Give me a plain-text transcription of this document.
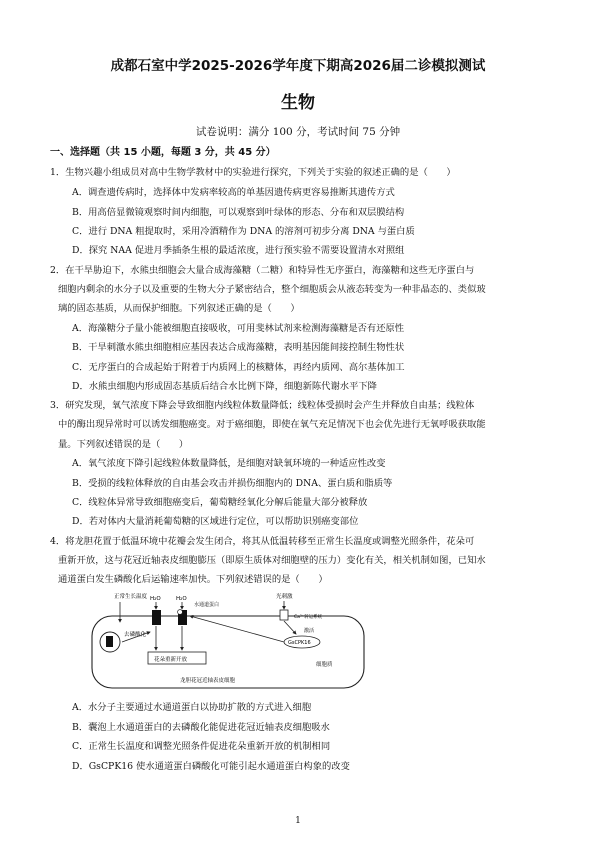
成都石室中学2025-2026学年度下期高2026届二诊模拟测试
生物
试卷说明：满分 100 分，考试时间 75 分钟
一、选择题（共 15 小题，每题 3 分，共 45 分）
1．生物兴趣小组成员对高中生物学教材中的实验进行探究，下列关于实验的叙述正确的是（　　）
A．调查遗传病时，选择体中发病率较高的单基因遗传病更容易推断其遗传方式
B．用高倍显微镜观察时间内细胞，可以观察到叶绿体的形态、分布和双层膜结构
C．进行 DNA 粗提取时，采用冷酒精作为 DNA 的溶剂可初步分离 DNA 与蛋白质
D．探究 NAA 促进月季插条生根的最适浓度，进行预实验不需要设置清水对照组
2．在干旱胁迫下，水熊虫细胞会大量合成海藻糖（二糖）和特异性无序蛋白，海藻糖和这些无序蛋白与
细胞内剩余的水分子以及重要的生物大分子紧密结合，整个细胞质会从液态转变为一种非晶态的、类似玻
璃的固态基质，从而保护细胞。下列叙述正确的是（　　）
A．海藻糖分子量小能被细胞直接吸收，可用斐林试剂来检测海藻糖是否有还原性
B．干旱刺激水熊虫细胞相应基因表达合成海藻糖，表明基因能间接控制生物性状
C．无序蛋白的合成起始于附着于内质网上的核糖体，再经内质网、高尔基体加工
D．水熊虫细胞内形成固态基质后结合水比例下降，细胞新陈代谢水平下降
3．研究发现，氧气浓度下降会导致细胞内线粒体数量降低；线粒体受损时会产生并释放自由基；线粒体
中的酶出现异常时可以诱发细胞癌变。对于癌细胞，即使在氧气充足情况下也会优先进行无氧呼吸获取能
量。下列叙述错误的是（　　）
A．氧气浓度下降引起线粒体数量降低，是细胞对缺氧环境的一种适应性改变
B．受损的线粒体释放的自由基会攻击并损伤细胞内的 DNA、蛋白质和脂质等
C．线粒体异常导致细胞癌变后，葡萄糖经氧化分解后能量大部分被释放
D．若对体内大量消耗葡萄糖的区域进行定位，可以帮助识别癌变部位
4．将龙胆花置于低温环境中花瓣会发生闭合，将其从低温转移至正常生长温度或调整光照条件，花朵可
重新开放，这与花冠近轴表皮细胞膨压（即原生质体对细胞壁的压力）变化有关，相关机制如图，已知水
通道蛋白发生磷酸化后运输速率加快。下列叙述错误的是（　　）
正常生长温度
去磷酸化
H₂O	H₂O
水通道蛋白
花朵重新开放
光刺激
Ca²⁺转运系统
激活
GsCPK16
细胞质
龙胆花冠近轴表皮细胞
A．水分子主要通过水通道蛋白以协助扩散的方式进入细胞
B．囊泡上水通道蛋白的去磷酸化能促进花冠近轴表皮细胞吸水
C．正常生长温度和调整光照条件促进花朵重新开放的机制相同
D．GsCPK16 使水通道蛋白磷酸化可能引起水通道蛋白构象的改变
1
